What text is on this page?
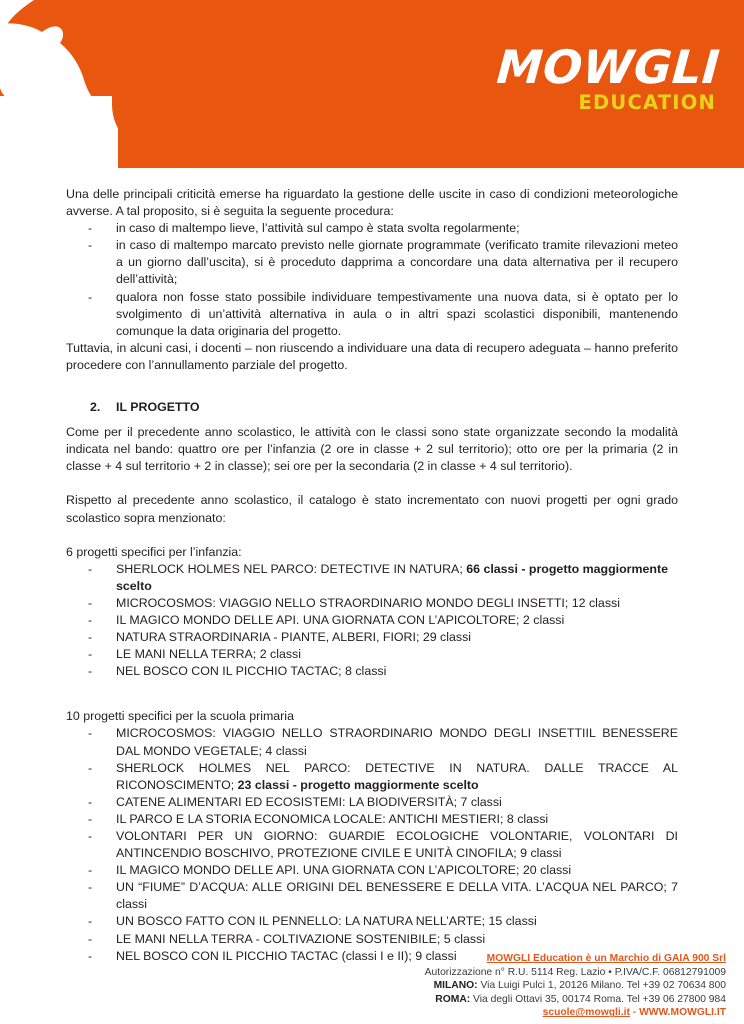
MOWGLI
EDUCATION

Una delle principali criticità emerse ha riguardato la gestione delle uscite in caso di condizioni meteorologiche avverse. A tal proposito, si è seguita la seguente procedura:

- in caso di maltempo lieve, l’attività sul campo è stata svolta regolarmente;
- in caso di maltempo marcato previsto nelle giornate programmate (verificato tramite rilevazioni meteo a un giorno dall’uscita), si è proceduto dapprima a concordare una data alternativa per il recupero dell’attività;
- qualora non fosse stato possibile individuare tempestivamente una nuova data, si è optato per lo svolgimento di un’attività alternativa in aula o in altri spazi scolastici disponibili, mantenendo comunque la data originaria del progetto.

Tuttavia, in alcuni casi, i docenti – non riuscendo a individuare una data di recupero adeguata – hanno preferito procedere con l’annullamento parziale del progetto.

2. IL PROGETTO

Come per il precedente anno scolastico, le attività con le classi sono state organizzate secondo la modalità indicata nel bando: quattro ore per l’infanzia (2 ore in classe + 2 sul territorio); otto ore per la primaria (2 in classe + 4 sul territorio + 2 in classe); sei ore per la secondaria (2 in classe + 4 sul territorio).

Rispetto al precedente anno scolastico, il catalogo è stato incrementato con nuovi progetti per ogni grado scolastico sopra menzionato:

6 progetti specifici per l’infanzia:

- SHERLOCK HOLMES NEL PARCO: DETECTIVE IN NATURA; 66 classi - progetto maggiormente scelto
- MICROCOSMOS: VIAGGIO NELLO STRAORDINARIO MONDO DEGLI INSETTI; 12 classi
- IL MAGICO MONDO DELLE API. UNA GIORNATA CON L’APICOLTORE; 2 classi
- NATURA STRAORDINARIA - PIANTE, ALBERI, FIORI; 29 classi
- LE MANI NELLA TERRA; 2 classi
- NEL BOSCO CON IL PICCHIO TACTAC; 8 classi

10 progetti specifici per la scuola primaria

- MICROCOSMOS: VIAGGIO NELLO STRAORDINARIO MONDO DEGLI INSETTIIL BENESSERE DAL MONDO VEGETALE; 4 classi
- SHERLOCK HOLMES NEL PARCO: DETECTIVE IN NATURA. DALLE TRACCE AL RICONOSCIMENTO; 23 classi - progetto maggiormente scelto
- CATENE ALIMENTARI ED ECOSISTEMI: LA BIODIVERSITÀ; 7 classi
- IL PARCO E LA STORIA ECONOMICA LOCALE: ANTICHI MESTIERI; 8 classi
- VOLONTARI PER UN GIORNO: GUARDIE ECOLOGICHE VOLONTARIE, VOLONTARI DI ANTINCENDIO BOSCHIVO, PROTEZIONE CIVILE E UNITÀ CINOFILA; 9 classi
- IL MAGICO MONDO DELLE API. UNA GIORNATA CON L’APICOLTORE; 20 classi
- UN “FIUME” D’ACQUA: ALLE ORIGINI DEL BENESSERE E DELLA VITA. L’ACQUA NEL PARCO; 7 classi
- UN BOSCO FATTO CON IL PENNELLO: LA NATURA NELL’ARTE; 15 classi
- LE MANI NELLA TERRA - COLTIVAZIONE SOSTENIBILE; 5 classi
- NEL BOSCO CON IL PICCHIO TACTAC (classi I e II); 9 classi	MOWGLI Education è un Marchio di GAIA 900 Srl
Autorizzazione n° R.U. 5114 Reg. Lazio • P.IVA/C.F. 06812791009
MILANO: Via Luigi Pulci 1, 20126 Milano. Tel +39 02 70634 800
ROMA: Via degli Ottavi 35, 00174 Roma. Tel +39 06 27800 984
scuole@mowgli.it - WWW.MOWGLI.IT
